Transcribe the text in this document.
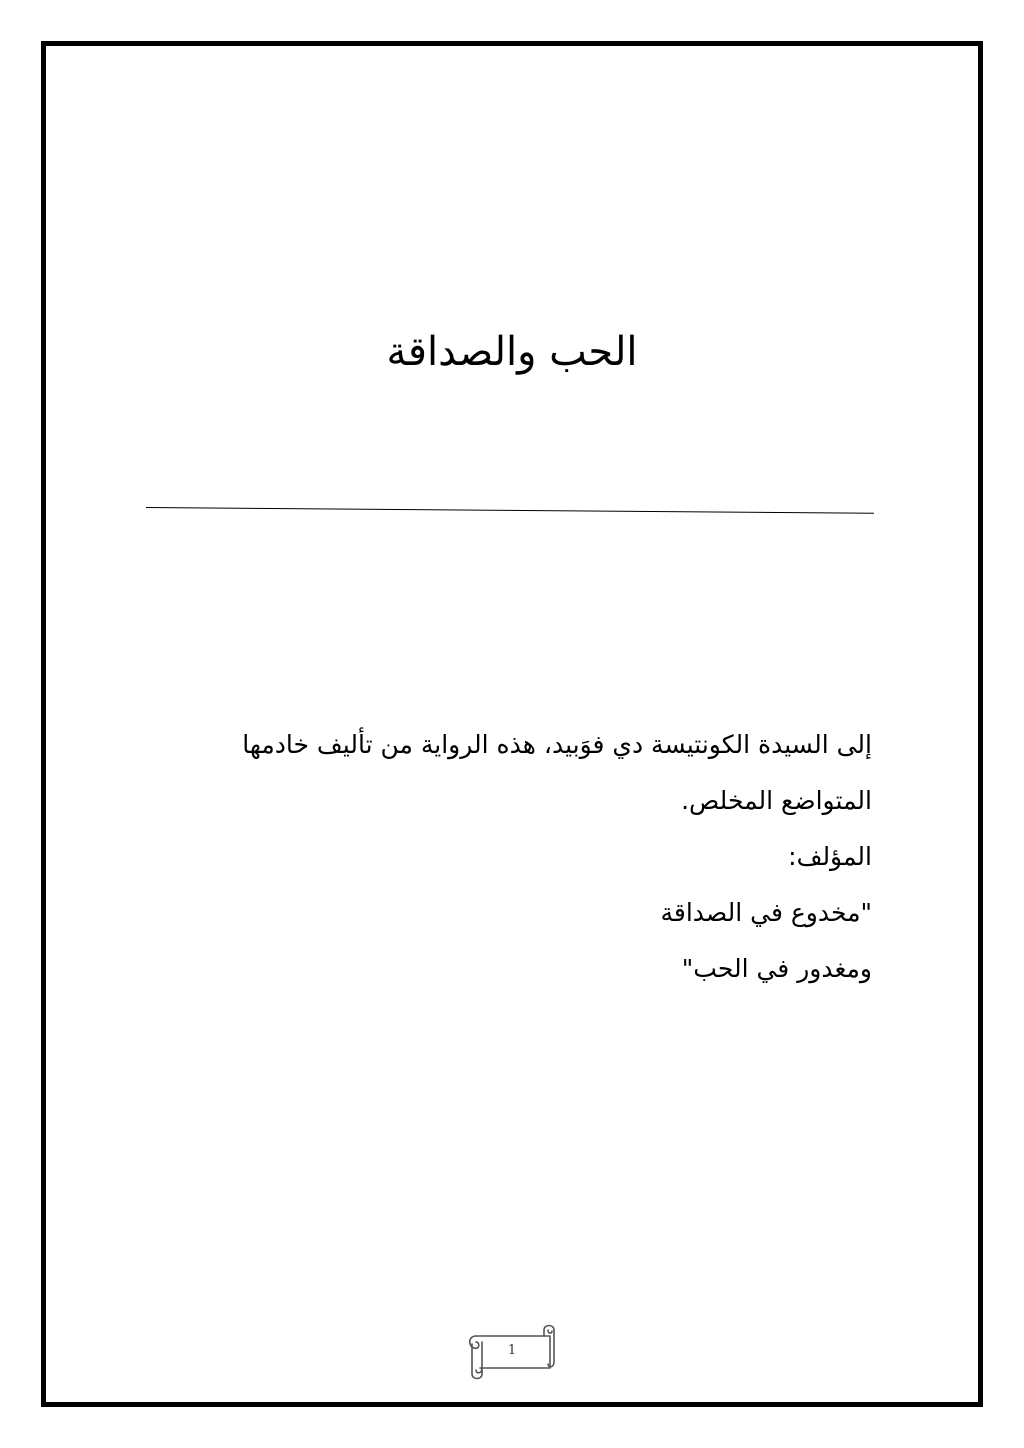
الحب والصداقة
إلى السيدة الكونتيسة دي فوَبيد، هذه الرواية من تأليف خادمها
المتواضع المخلص.
المؤلف:
"مخدوع في الصداقة
ومغدور في الحب"
1
